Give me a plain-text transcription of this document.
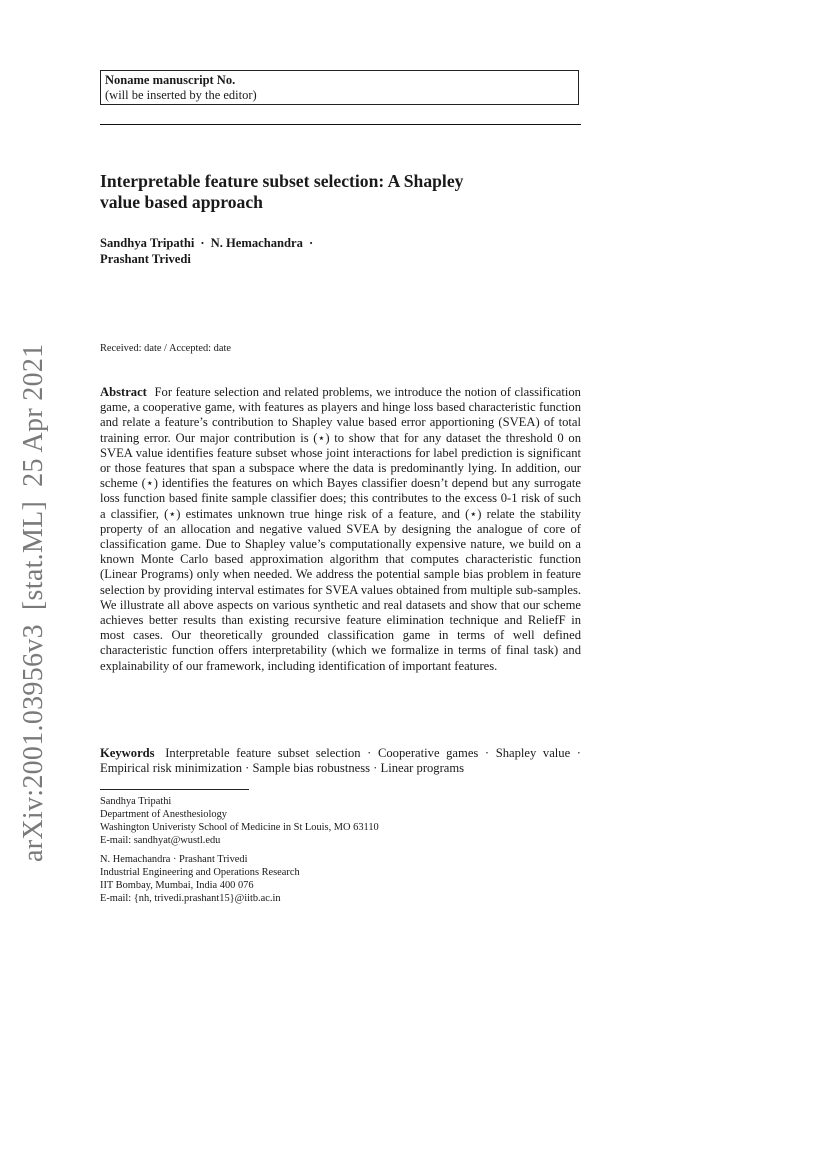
Noname manuscript No.
(will be inserted by the editor)
Interpretable feature subset selection: A Shapley
value based approach
Sandhya Tripathi · N. Hemachandra ·
Prashant Trivedi
Received: date / Accepted: date
Abstract For feature selection and related problems, we introduce the notion of classification game, a cooperative game, with features as players and hinge loss based characteristic function and relate a feature’s contribution to Shapley value based error apportioning (SVEA) of total training error. Our major contribution is (⋆) to show that for any dataset the threshold 0 on SVEA value identifies feature subset whose joint interactions for label prediction is significant or those features that span a subspace where the data is predominantly lying. In addition, our scheme (⋆) identifies the features on which Bayes classifier doesn’t depend but any surrogate loss function based finite sample classifier does; this contributes to the excess 0-1 risk of such a classifier, (⋆) estimates unknown true hinge risk of a feature, and (⋆) relate the stability property of an allocation and negative valued SVEA by designing the analogue of core of classification game. Due to Shapley value’s computationally expensive nature, we build on a known Monte Carlo based approximation algorithm that computes characteristic function (Linear Programs) only when needed. We address the potential sample bias problem in feature selection by providing interval estimates for SVEA values obtained from multiple sub-samples. We illustrate all above aspects on various synthetic and real datasets and show that our scheme achieves better results than existing recursive feature elimination technique and ReliefF in most cases. Our theoretically grounded classification game in terms of well defined characteristic function offers interpretability (which we formalize in terms of final task) and explainability of our framework, including identification of important features.
Keywords Interpretable feature subset selection · Cooperative games · Shapley value · Empirical risk minimization · Sample bias robustness · Linear programs
Sandhya Tripathi
Department of Anesthesiology
Washington Univeristy School of Medicine in St Louis, MO 63110
E-mail: sandhyat@wustl.edu
N. Hemachandra · Prashant Trivedi
Industrial Engineering and Operations Research
IIT Bombay, Mumbai, India 400 076
E-mail: {nh, trivedi.prashant15}@iitb.ac.in
arXiv:2001.03956v3[stat.ML]25 Apr 2021
